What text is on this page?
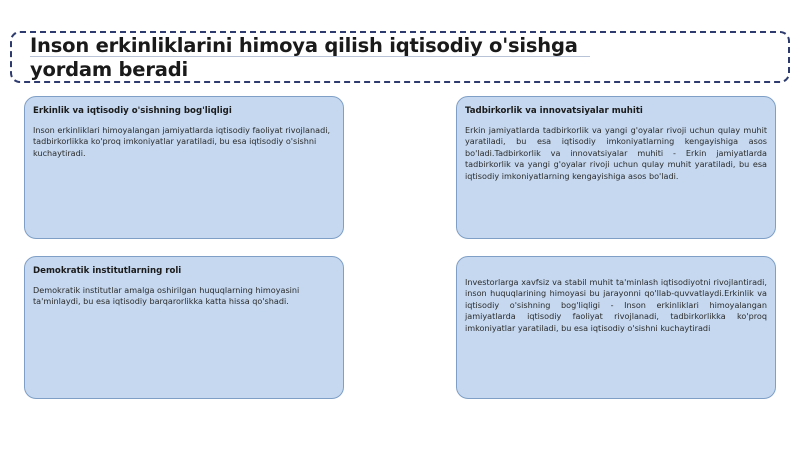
Inson erkinliklarini himoya qilish iqtisodiy o'sishga yordam beradi
Erkinlik va iqtisodiy o'sishning bog'liqligi
Inson erkinliklari himoyalangan jamiyatlarda iqtisodiy faoliyat rivojlanadi, tadbirkorlikka ko'proq imkoniyatlar yaratiladi, bu esa iqtisodiy o'sishni kuchaytiradi.
Tadbirkorlik va innovatsiyalar muhiti
Erkin jamiyatlarda tadbirkorlik va yangi g'oyalar rivoji uchun qulay muhit yaratiladi, bu esa iqtisodiy imkoniyatlarning kengayishiga asos bo'ladi.Tadbirkorlik va innovatsiyalar muhiti - Erkin jamiyatlarda tadbirkorlik va yangi g'oyalar rivoji uchun qulay muhit yaratiladi, bu esa iqtisodiy imkoniyatlarning kengayishiga asos bo'ladi.
Demokratik institutlarning roli
Demokratik institutlar amalga oshirilgan huquqlarning himoyasini ta'minlaydi, bu esa iqtisodiy barqarorlikka katta hissa qo'shadi.
Investorlarga xavfsiz va stabil muhit ta'minlash iqtisodiyotni rivojlantiradi, inson huquqlarining himoyasi bu jarayonni qo'llab-quvvatlaydi.Erkinlik va iqtisodiy o'sishning bog'liqligi - Inson erkinliklari himoyalangan jamiyatlarda iqtisodiy faoliyat rivojlanadi, tadbirkorlikka ko'proq imkoniyatlar yaratiladi, bu esa iqtisodiy o'sishni kuchaytiradi
